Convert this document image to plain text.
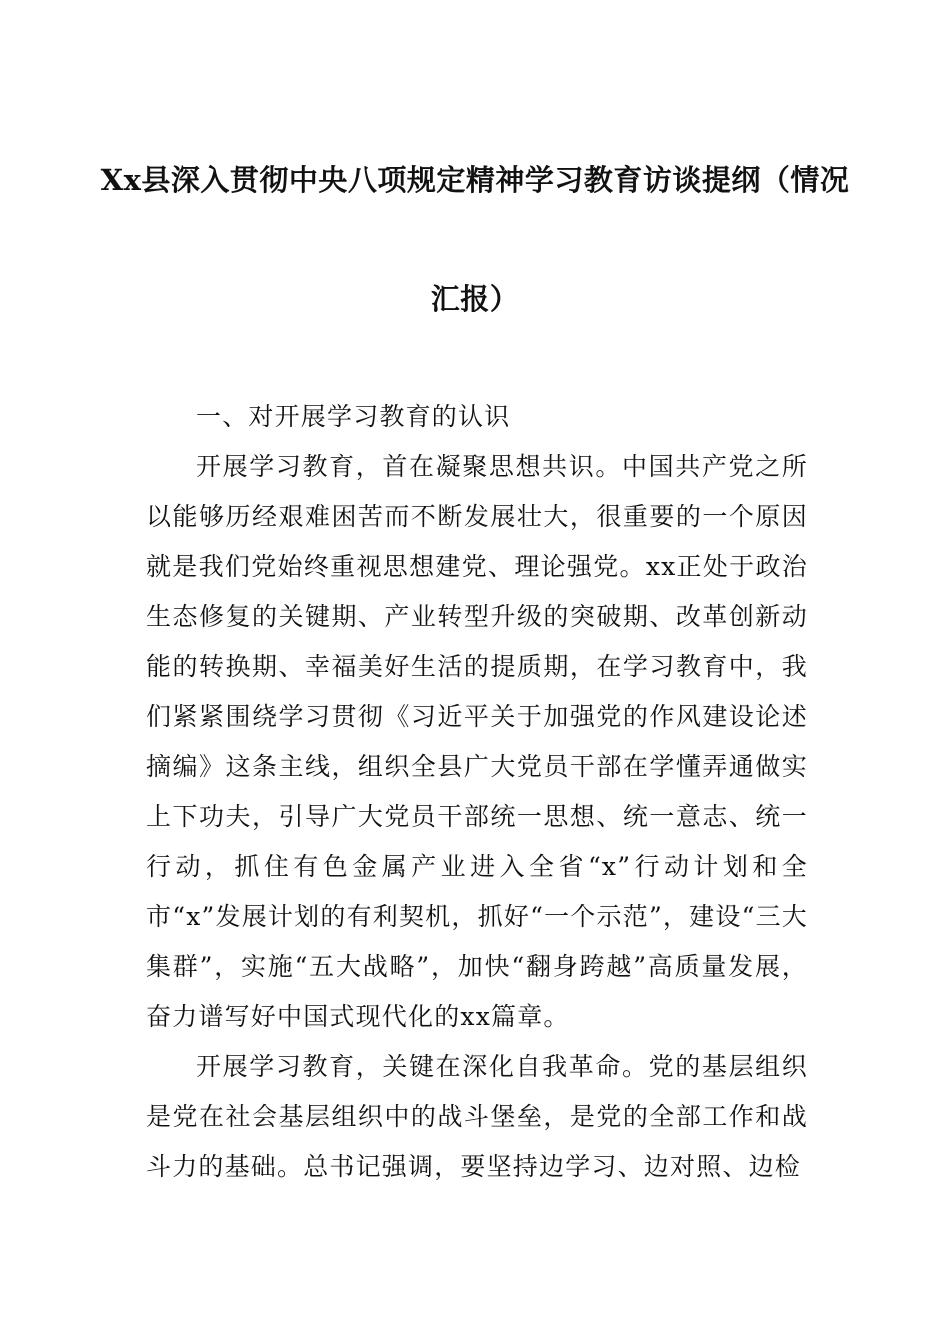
Xx县深入贯彻中央八项规定精神学习教育访谈提纲（情况
汇报）

一、对开展学习教育的认识

开展学习教育，首在凝聚思想共识。中国共产党之所以能够历经艰难困苦而不断发展壮大，很重要的一个原因就是我们党始终重视思想建党、理论强党。xx正处于政治生态修复的关键期、产业转型升级的突破期、改革创新动能的转换期、幸福美好生活的提质期，在学习教育中，我们紧紧围绕学习贯彻《习近平关于加强党的作风建设论述摘编》这条主线，组织全县广大党员干部在学懂弄通做实上下功夫，引导广大党员干部统一思想、统一意志、统一行动，抓住有色金属产业进入全省“x”行动计划和全市“x”发展计划的有利契机，抓好“一个示范”，建设“三大集群”，实施“五大战略”，加快“翻身跨越”高质量发展，奋力谱写好中国式现代化的xx篇章。

开展学习教育，关键在深化自我革命。党的基层组织是党在社会基层组织中的战斗堡垒，是党的全部工作和战斗力的基础。总书记强调，要坚持边学习、边对照、边检
